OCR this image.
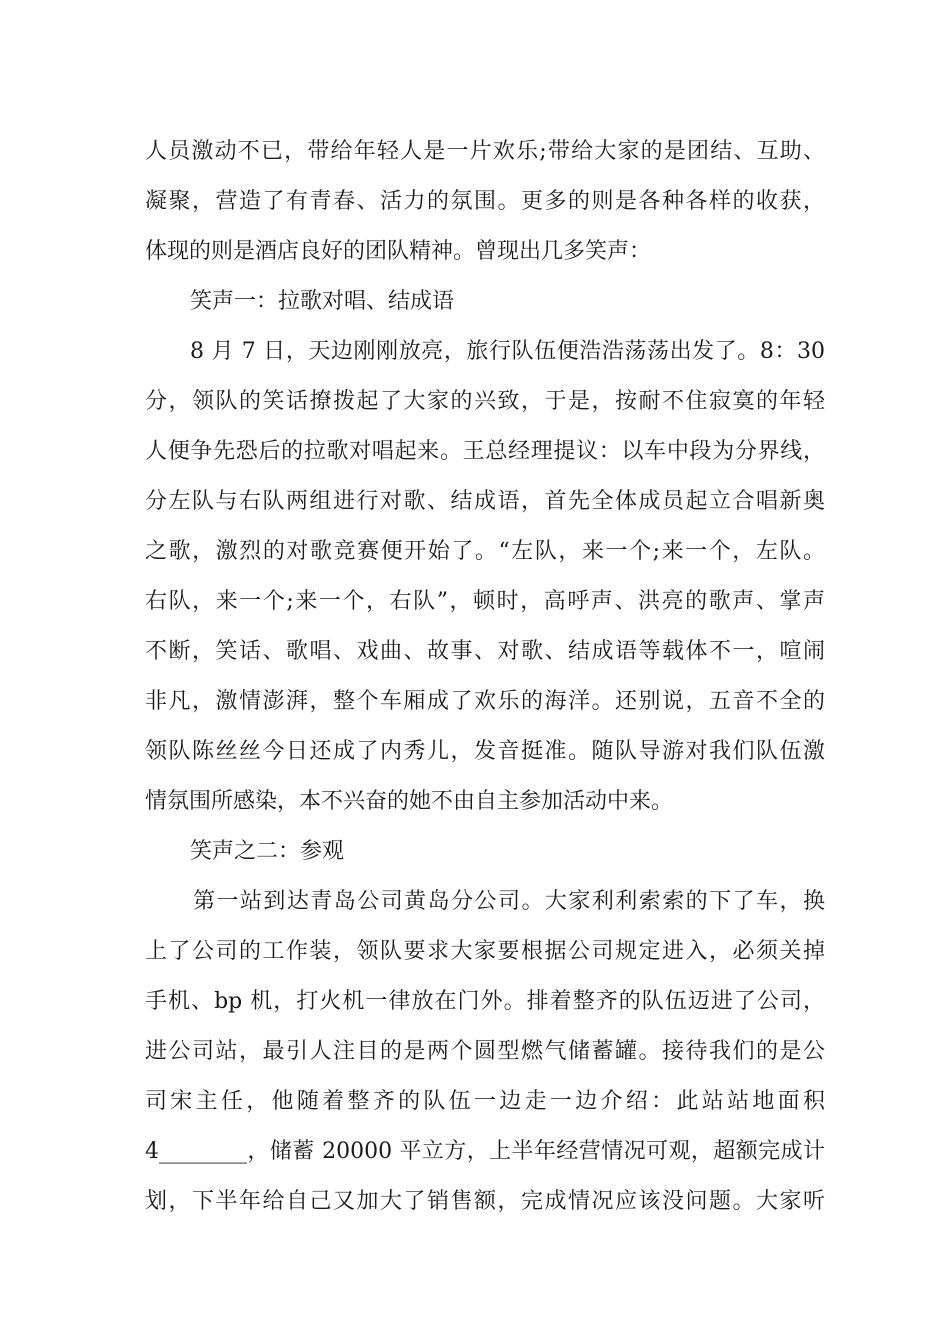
人员激动不已，带给年轻人是一片欢乐;带给大家的是团结、互助、
凝聚，营造了有青春、活力的氛围。更多的则是各种各样的收获，
体现的则是酒店良好的团队精神。曾现出几多笑声：
笑声一：拉歌对唱、结成语
8 月 7 日，天边刚刚放亮，旅行队伍便浩浩荡荡出发了。8：30
分，领队的笑话撩拨起了大家的兴致，于是，按耐不住寂寞的年轻
人便争先恐后的拉歌对唱起来。王总经理提议：以车中段为分界线，
分左队与右队两组进行对歌、结成语，首先全体成员起立合唱新奥
之歌，激烈的对歌竞赛便开始了。“左队，来一个;来一个，左队。
右队，来一个;来一个，右队”，顿时，高呼声、洪亮的歌声、掌声
不断，笑话、歌唱、戏曲、故事、对歌、结成语等载体不一，喧闹
非凡，激情澎湃，整个车厢成了欢乐的海洋。还别说，五音不全的
领队陈丝丝今日还成了内秀儿，发音挺准。随队导游对我们队伍激
情氛围所感染，本不兴奋的她不由自主参加活动中来。
笑声之二：参观
第一站到达青岛公司黄岛分公司。大家利利索索的下了车，换
上了公司的工作装，领队要求大家要根据公司规定进入，必须关掉
手机、bp 机，打火机一律放在门外。排着整齐的队伍迈进了公司，
进公司站，最引人注目的是两个圆型燃气储蓄罐。接待我们的是公
司宋主任，他随着整齐的队伍一边走一边介绍：此站站地面积
4________，储蓄 20000 平立方，上半年经营情况可观，超额完成计
划，下半年给自己又加大了销售额，完成情况应该没问题。大家听
